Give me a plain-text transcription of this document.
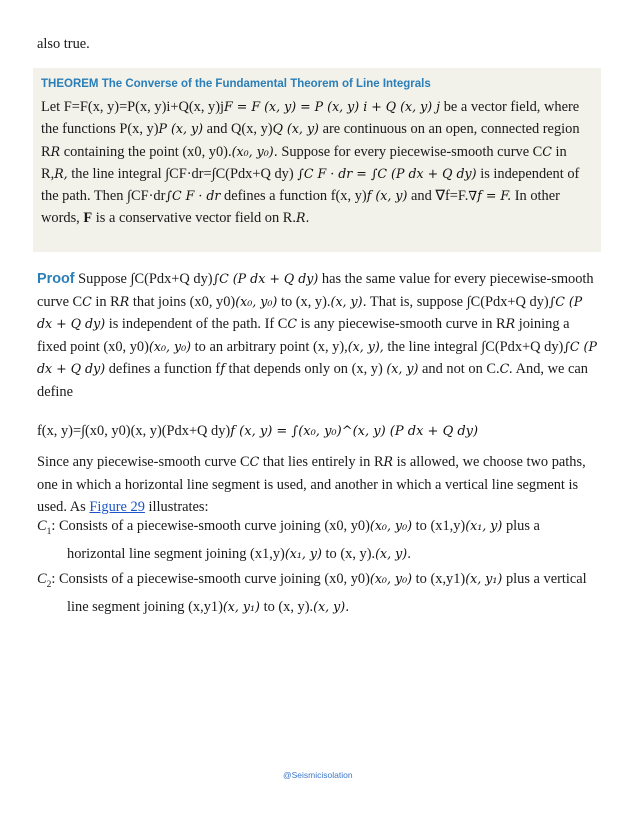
also true.

THEOREM The Converse of the Fundamental Theorem of Line Integrals

Let F=F(x, y)=P(x, y)i+Q(x, y)jF = F (x, y) = P (x, y) i + Q (x, y) j be a vector field, where the functions P(x, y)P (x, y) and Q(x, y)Q (x, y) are continuous on an open, connected region RR containing the point (x0, y0).(x₀, y₀). Suppose for every piecewise-smooth curve CC in R,R, the line integral ∫CF·dr=∫C(Pdx+Q dy) ∫C F · dr = ∫C (P dx + Q dy) is independent of the path. Then ∫CF·dr∫C F · dr defines a function f(x, y)f (x, y) and ∇f=F.∇f = F. In other words, F is a conservative vector field on R.R.

Proof Suppose ∫C(Pdx+Q dy)∫C (P dx + Q dy) has the same value for every piecewise-smooth curve CC in RR that joins (x0, y0)(x₀, y₀) to (x, y).(x, y). That is, suppose ∫C(Pdx+Q dy)∫C (P dx + Q dy) is independent of the path. If CC is any piecewise-smooth curve in RR joining a fixed point (x0, y0)(x₀, y₀) to an arbitrary point (x, y),(x, y), the line integral ∫C(Pdx+Q dy)∫C (P dx + Q dy) defines a function ff that depends only on (x, y) (x, y) and not on C.C. And, we can define

f(x, y)=∫(x0, y0)(x, y)(Pdx+Q dy)f (x, y) = ∫(x₀, y₀)^(x, y) (P dx + Q dy)

Since any piecewise-smooth curve CC that lies entirely in RR is allowed, we choose two paths, one in which a horizontal line segment is used, and another in which a vertical line segment is used. As Figure 29 illustrates:

$C_1$: Consists of a piecewise-smooth curve joining (x0, y0)(x₀, y₀) to (x1,y)(x₁, y) plus a horizontal line segment joining (x1,y)(x₁, y) to (x, y).(x, y).

$C_2$: Consists of a piecewise-smooth curve joining (x0, y0)(x₀, y₀) to (x,y1)(x, y₁) plus a vertical line segment joining (x,y1)(x, y₁) to (x, y).(x, y).

@Seismicisolation
